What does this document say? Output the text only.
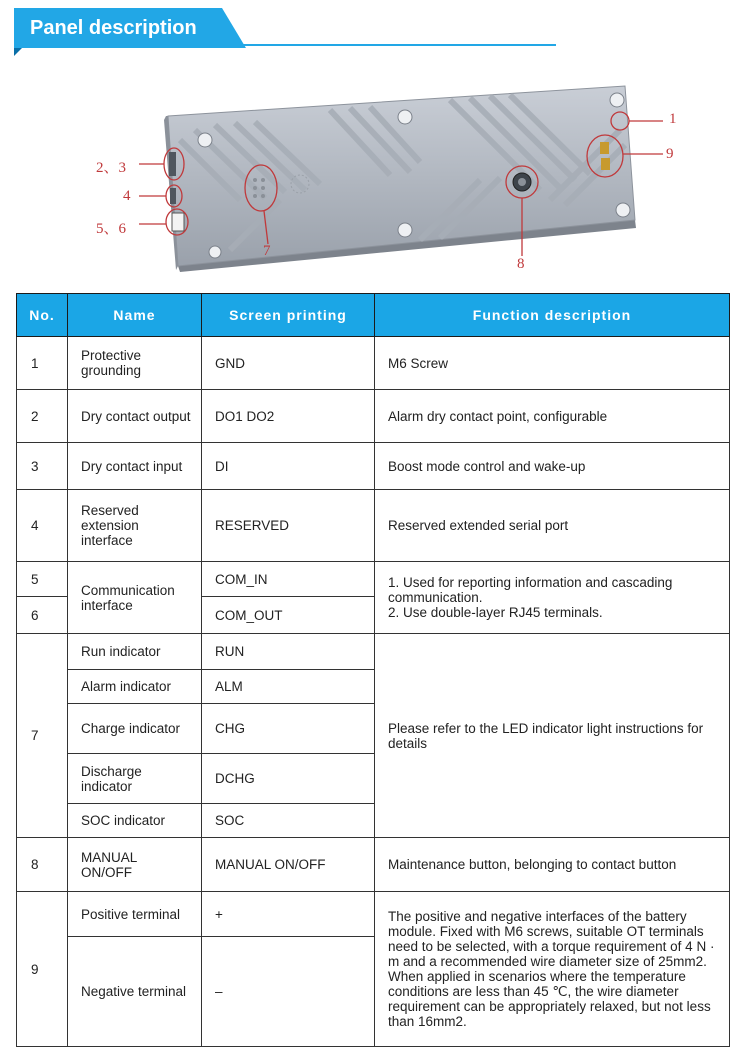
Panel description
1
9
2、3
4
5、6
7
8
No.	Name	Screen printing	Function description
1	Protective grounding	GND	M6 Screw
2	Dry contact output	DO1 DO2	Alarm dry contact point, configurable
3	Dry contact input	DI	Boost mode control and wake-up
4	Reserved extension interface	RESERVED	Reserved extended serial port
5	Communication interface	COM_IN	1. Used for reporting information and cascading communication.
2. Use double-layer RJ45 terminals.
6		COM_OUT	
7	Run indicator	RUN	Please refer to the LED indicator light instructions for details
	Alarm indicator	ALM	
	Charge indicator	CHG	
	Discharge indicator	DCHG	
	SOC indicator	SOC	
8	MANUAL ON/OFF	MANUAL ON/OFF	Maintenance button, belonging to contact button
9	Positive terminal	+	The positive and negative interfaces of the battery module. Fixed with M6 screws, suitable OT terminals need to be selected, with a torque requirement of 4 N · m and a recommended wire diameter size of 25mm2. When applied in scenarios where the temperature conditions are less than 45 ℃, the wire diameter requirement can be appropriately relaxed, but not less than 16mm2.
	Negative terminal	–	
